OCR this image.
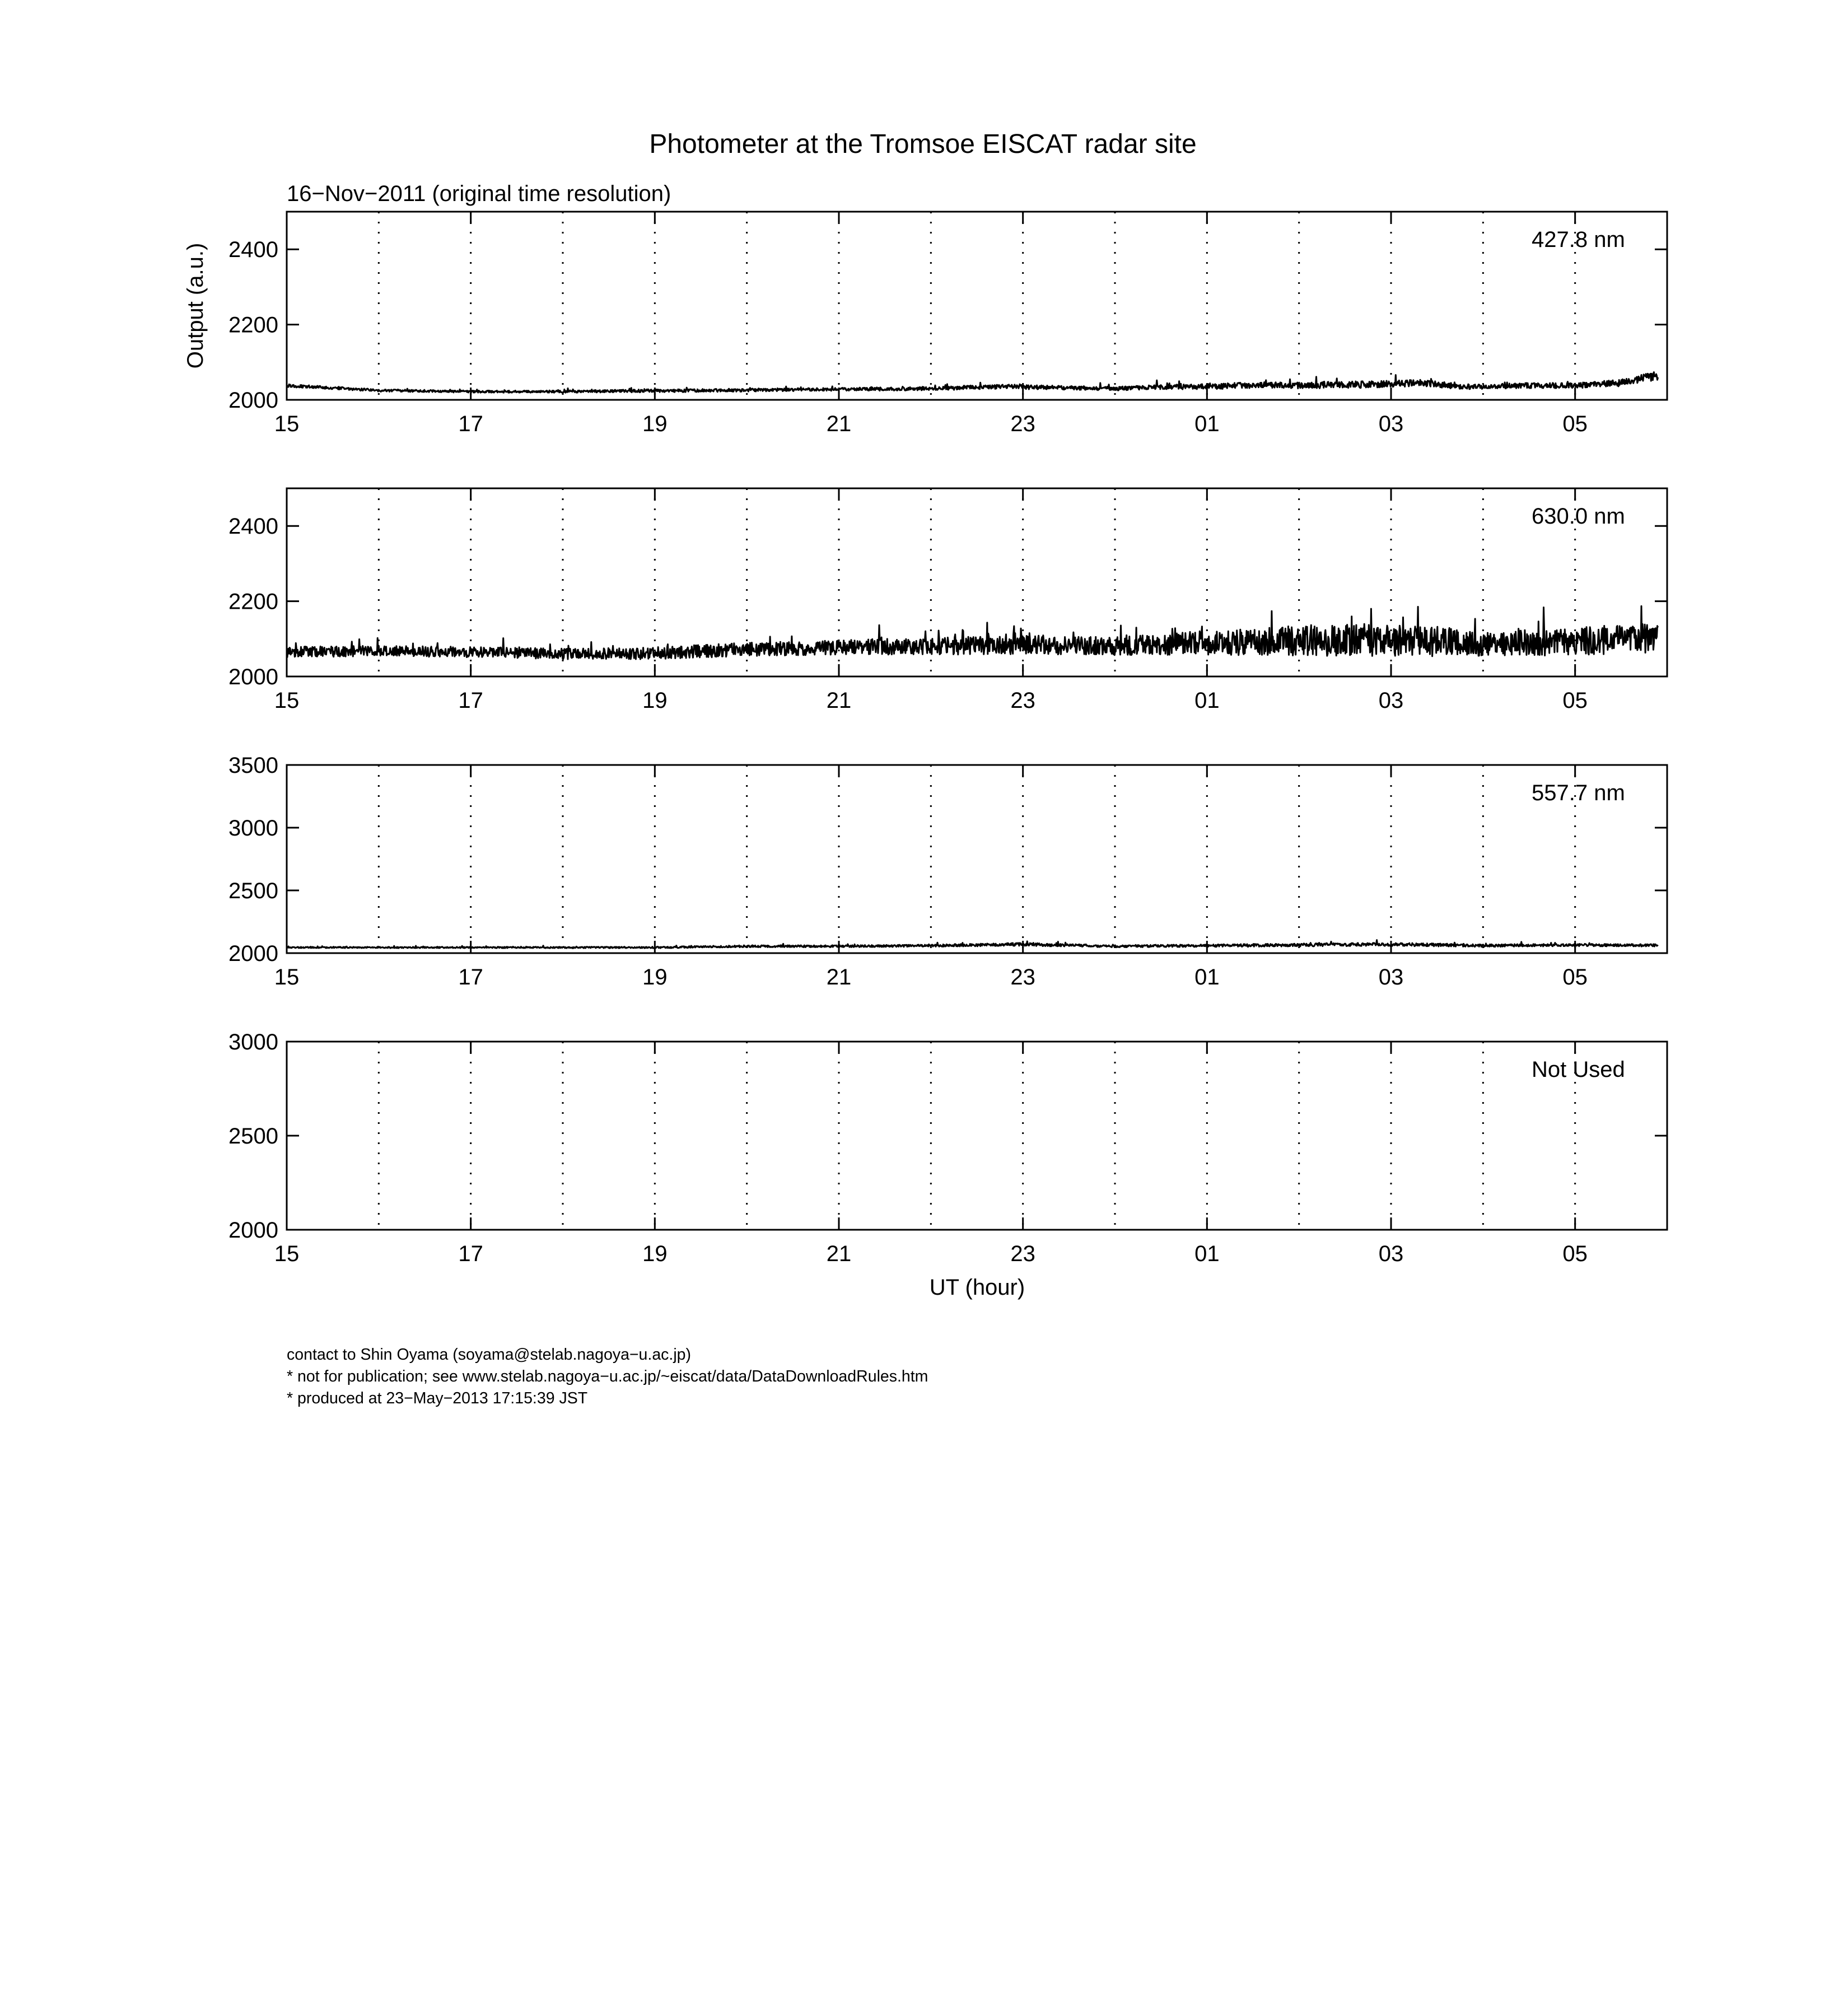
Photometer at the Tromsoe EISCAT radar site
16−Nov−2011 (original time resolution)
15	17	19	21	23	01	03	05
2000
2200
2400	427.8 nm
Output (a.u.)
15	17	19	21	23	01	03	05
2000
2200
2400	630.0 nm
15	17	19	21	23	01	03	05
2000
2500
3000
3500
557.7 nm
15	17	19	21	23	01	03	05
2000
2500
3000
Not Used
UT (hour)
contact to Shin Oyama (soyama@stelab.nagoya−u.ac.jp)
* not for publication; see www.stelab.nagoya−u.ac.jp/~eiscat/data/DataDownloadRules.htm
* produced at 23−May−2013 17:15:39 JST
